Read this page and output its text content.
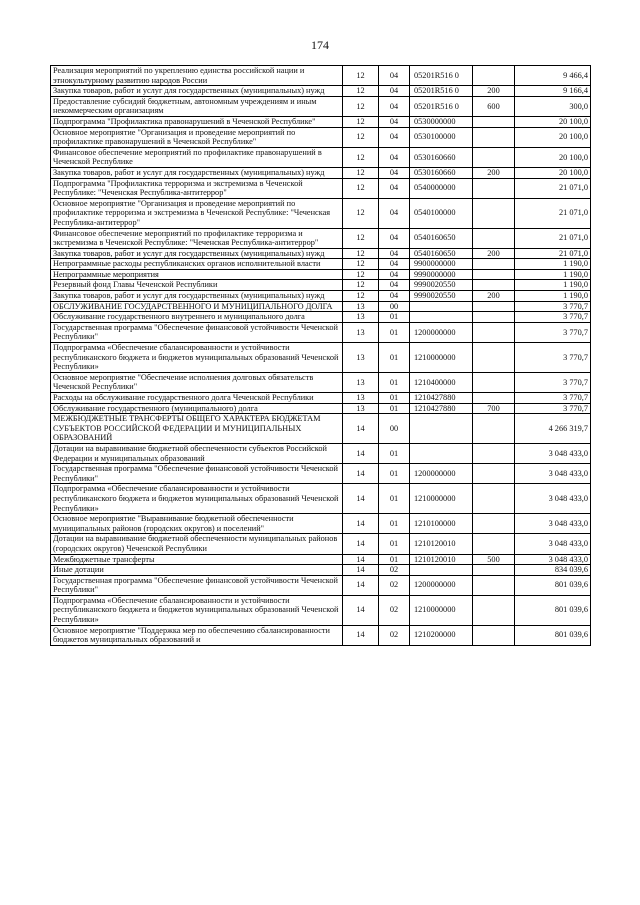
174
Реализация мероприятий по укреплению единства российской нации и этнокультурному развитию народов России	12	04	05201R516 0		9 466,4
Закупка товаров, работ и услуг для государственных (муниципальных) нужд	12	04	05201R516 0	200	9 166,4
Предоставление субсидий бюджетным, автономным учреждениям и иным некоммерческим организациям	12	04	05201R516 0	600	300,0
Подпрограмма "Профилактика правонарушений в Чеченской Республике"	12	04	0530000000		20 100,0
Основное мероприятие "Организация и проведение мероприятий по профилактике правонарушений в Чеченской Республике"	12	04	0530100000		20 100,0
Финансовое обеспечение мероприятий по профилактике правонарушений в Чеченской Республике	12	04	0530160660		20 100,0
Закупка товаров, работ и услуг для государственных (муниципальных) нужд	12	04	0530160660	200	20 100,0
Подпрограмма "Профилактика терроризма и экстремизма в Чеченской Республике: "Чеченская Республика-антитеррор"	12	04	0540000000		21 071,0
Основное мероприятие "Организация и проведение мероприятий по профилактике терроризма и экстремизма в Чеченской Республике: "Чеченская Республика-антитеррор"	12	04	0540100000		21 071,0
Финансовое обеспечение мероприятий по профилактике терроризма и экстремизма в Чеченской Республике: "Чеченская Республика-антитеррор"	12	04	0540160650		21 071,0
Закупка товаров, работ и услуг для государственных (муниципальных) нужд	12	04	0540160650	200	21 071,0
Непрограммные расходы республиканских органов исполнительной власти	12	04	9900000000		1 190,0
Непрограммные мероприятия	12	04	9990000000		1 190,0
Резервный фонд Главы Чеченской Республики	12	04	9990020550		1 190,0
Закупка товаров, работ и услуг для государственных (муниципальных) нужд	12	04	9990020550	200	1 190,0
ОБСЛУЖИВАНИЕ ГОСУДАРСТВЕННОГО И МУНИЦИПАЛЬНОГО ДОЛГА	13	00			3 770,7
Обслуживание государственного внутреннего и муниципального долга	13	01			3 770,7
Государственная программа "Обеспечение финансовой устойчивости Чеченской Республики"	13	01	1200000000		3 770,7
Подпрограмма «Обеспечение сбалансированности и устойчивости республиканского бюджета и бюджетов муниципальных образований Чеченской Республики»	13	01	1210000000		3 770,7
Основное мероприятие "Обеспечение исполнения долговых обязательств Чеченской Республики"	13	01	1210400000		3 770,7
Расходы на обслуживание государственного долга Чеченской Республики	13	01	1210427880		3 770,7
Обслуживание государственного (муниципального) долга	13	01	1210427880	700	3 770,7
МЕЖБЮДЖЕТНЫЕ ТРАНСФЕРТЫ ОБЩЕГО ХАРАКТЕРА БЮДЖЕТАМ СУБЪЕКТОВ РОССИЙСКОЙ ФЕДЕРАЦИИ И МУНИЦИПАЛЬНЫХ ОБРАЗОВАНИЙ	14	00			4 266 319,7
Дотации на выравнивание бюджетной обеспеченности субъектов Российской Федерации и муниципальных образований	14	01			3 048 433,0
Государственная программа "Обеспечение финансовой устойчивости Чеченской Республики"	14	01	1200000000		3 048 433,0
Подпрограмма «Обеспечение сбалансированности и устойчивости республиканского бюджета и бюджетов муниципальных образований Чеченской Республики»	14	01	1210000000		3 048 433,0
Основное мероприятие "Выравнивание бюджетной обеспеченности муниципальных районов (городских округов) и поселений"	14	01	1210100000		3 048 433,0
Дотации на выравнивание бюджетной обеспеченности муниципальных районов (городских округов) Чеченской Республики	14	01	1210120010		3 048 433,0
Межбюджетные трансферты	14	01	1210120010	500	3 048 433,0
Иные дотации	14	02			834 039,6
Государственная программа "Обеспечение финансовой устойчивости Чеченской Республики"	14	02	1200000000		801 039,6
Подпрограмма «Обеспечение сбалансированности и устойчивости республиканского бюджета и бюджетов муниципальных образований Чеченской Республики»	14	02	1210000000		801 039,6
Основное мероприятие "Поддержка мер по обеспечению сбалансированности бюджетов муниципальных образований и	14	02	1210200000		801 039,6
